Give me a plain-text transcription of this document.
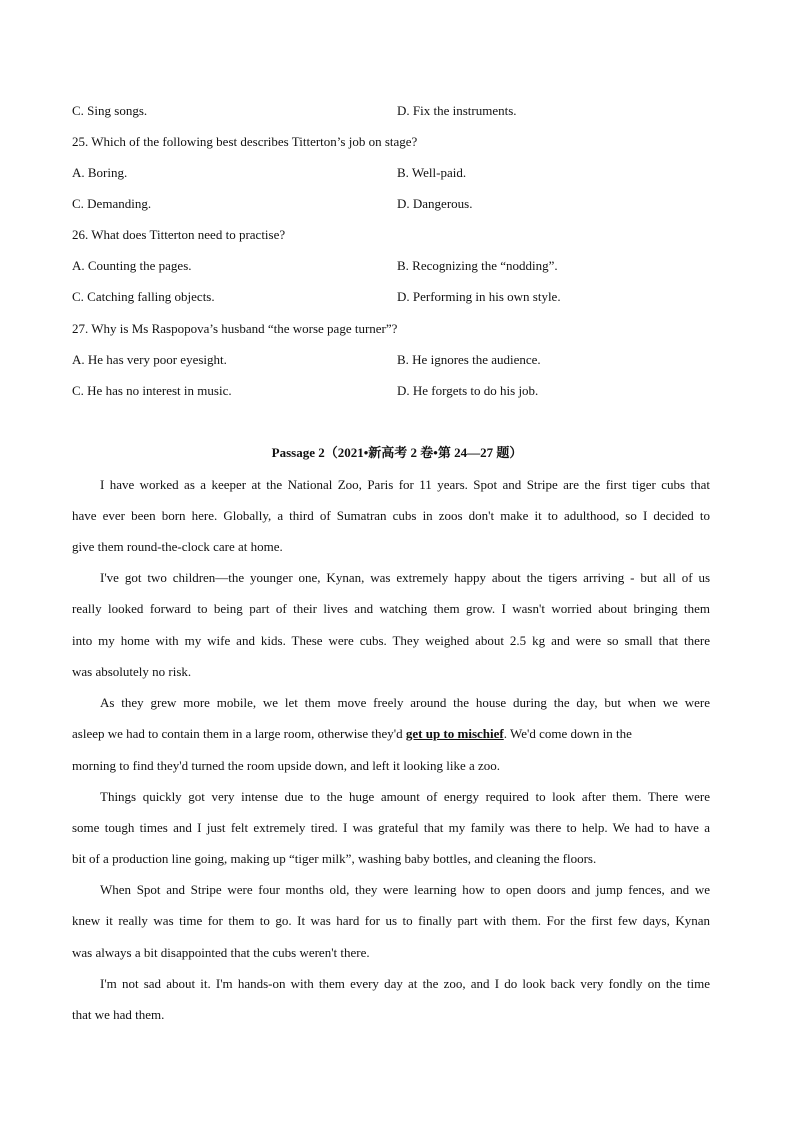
C. Sing songs.	D. Fix the instruments.
25. Which of the following best describes Titterton’s job on stage?
A. Boring.	B. Well-paid.
C. Demanding.	D. Dangerous.
26. What does Titterton need to practise?
A. Counting the pages.	B. Recognizing the “nodding”.
C. Catching falling objects.	D. Performing in his own style.
27. Why is Ms Raspopova’s husband “the worse page turner”?
A. He has very poor eyesight.	B. He ignores the audience.
C. He has no interest in music.	D. He forgets to do his job.
Passage 2（2021•新高考 2 卷•第 24—27 题）
I have worked as a keeper at the National Zoo, Paris for 11 years. Spot and Stripe are the first tiger cubs that
have ever been born here. Globally, a third of Sumatran cubs in zoos don't make it to adulthood, so I decided to
give them round-the-clock care at home.
I've got two children—the younger one, Kynan, was extremely happy about the tigers arriving - but all of us
really looked forward to being part of their lives and watching them grow. I wasn't worried about bringing them
into my home with my wife and kids. These were cubs. They weighed about 2.5 kg and were so small that there
was absolutely no risk.
As they grew more mobile, we let them move freely around the house during the day, but when we were
asleep we had to contain them in a large room, otherwise they'd get up to mischief. We'd come down in the
morning to find they'd turned the room upside down, and left it looking like a zoo.
Things quickly got very intense due to the huge amount of energy required to look after them. There were
some tough times and I just felt extremely tired. I was grateful that my family was there to help. We had to have a
bit of a production line going, making up “tiger milk”, washing baby bottles, and cleaning the floors.
When Spot and Stripe were four months old, they were learning how to open doors and jump fences, and we
knew it really was time for them to go. It was hard for us to finally part with them. For the first few days, Kynan
was always a bit disappointed that the cubs weren't there.
I'm not sad about it. I'm hands-on with them every day at the zoo, and I do look back very fondly on the time
that we had them.
